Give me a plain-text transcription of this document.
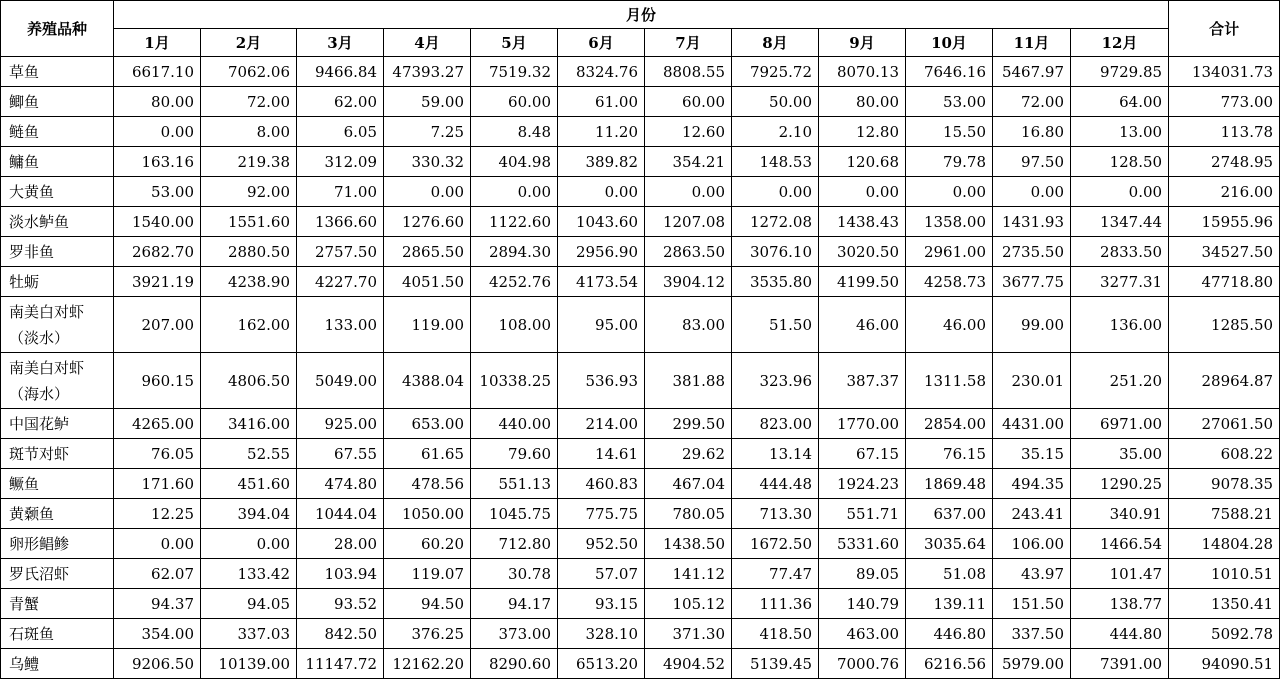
养殖品种	月份												合计
	1月	2月	3月	4月	5月	6月	7月	8月	9月	10月	11月	12月	
草鱼	6617.10	7062.06	9466.84	47393.27	7519.32	8324.76	8808.55	7925.72	8070.13	7646.16	5467.97	9729.85	134031.73
鲫鱼	80.00	72.00	62.00	59.00	60.00	61.00	60.00	50.00	80.00	53.00	72.00	64.00	773.00
鲢鱼	0.00	8.00	6.05	7.25	8.48	11.20	12.60	2.10	12.80	15.50	16.80	13.00	113.78
鳙鱼	163.16	219.38	312.09	330.32	404.98	389.82	354.21	148.53	120.68	79.78	97.50	128.50	2748.95
大黄鱼	53.00	92.00	71.00	0.00	0.00	0.00	0.00	0.00	0.00	0.00	0.00	0.00	216.00
淡水鲈鱼	1540.00	1551.60	1366.60	1276.60	1122.60	1043.60	1207.08	1272.08	1438.43	1358.00	1431.93	1347.44	15955.96
罗非鱼	2682.70	2880.50	2757.50	2865.50	2894.30	2956.90	2863.50	3076.10	3020.50	2961.00	2735.50	2833.50	34527.50
牡蛎	3921.19	4238.90	4227.70	4051.50	4252.76	4173.54	3904.12	3535.80	4199.50	4258.73	3677.75	3277.31	47718.80
南美白对虾（淡水）	207.00	162.00	133.00	119.00	108.00	95.00	83.00	51.50	46.00	46.00	99.00	136.00	1285.50
南美白对虾（海水）	960.15	4806.50	5049.00	4388.04	10338.25	536.93	381.88	323.96	387.37	1311.58	230.01	251.20	28964.87
中国花鲈	4265.00	3416.00	925.00	653.00	440.00	214.00	299.50	823.00	1770.00	2854.00	4431.00	6971.00	27061.50
斑节对虾	76.05	52.55	67.55	61.65	79.60	14.61	29.62	13.14	67.15	76.15	35.15	35.00	608.22
鳜鱼	171.60	451.60	474.80	478.56	551.13	460.83	467.04	444.48	1924.23	1869.48	494.35	1290.25	9078.35
黄颡鱼	12.25	394.04	1044.04	1050.00	1045.75	775.75	780.05	713.30	551.71	637.00	243.41	340.91	7588.21
卵形鲳鲹	0.00	0.00	28.00	60.20	712.80	952.50	1438.50	1672.50	5331.60	3035.64	106.00	1466.54	14804.28
罗氏沼虾	62.07	133.42	103.94	119.07	30.78	57.07	141.12	77.47	89.05	51.08	43.97	101.47	1010.51
青蟹	94.37	94.05	93.52	94.50	94.17	93.15	105.12	111.36	140.79	139.11	151.50	138.77	1350.41
石斑鱼	354.00	337.03	842.50	376.25	373.00	328.10	371.30	418.50	463.00	446.80	337.50	444.80	5092.78
乌鳢	9206.50	10139.00	11147.72	12162.20	8290.60	6513.20	4904.52	5139.45	7000.76	6216.56	5979.00	7391.00	94090.51
